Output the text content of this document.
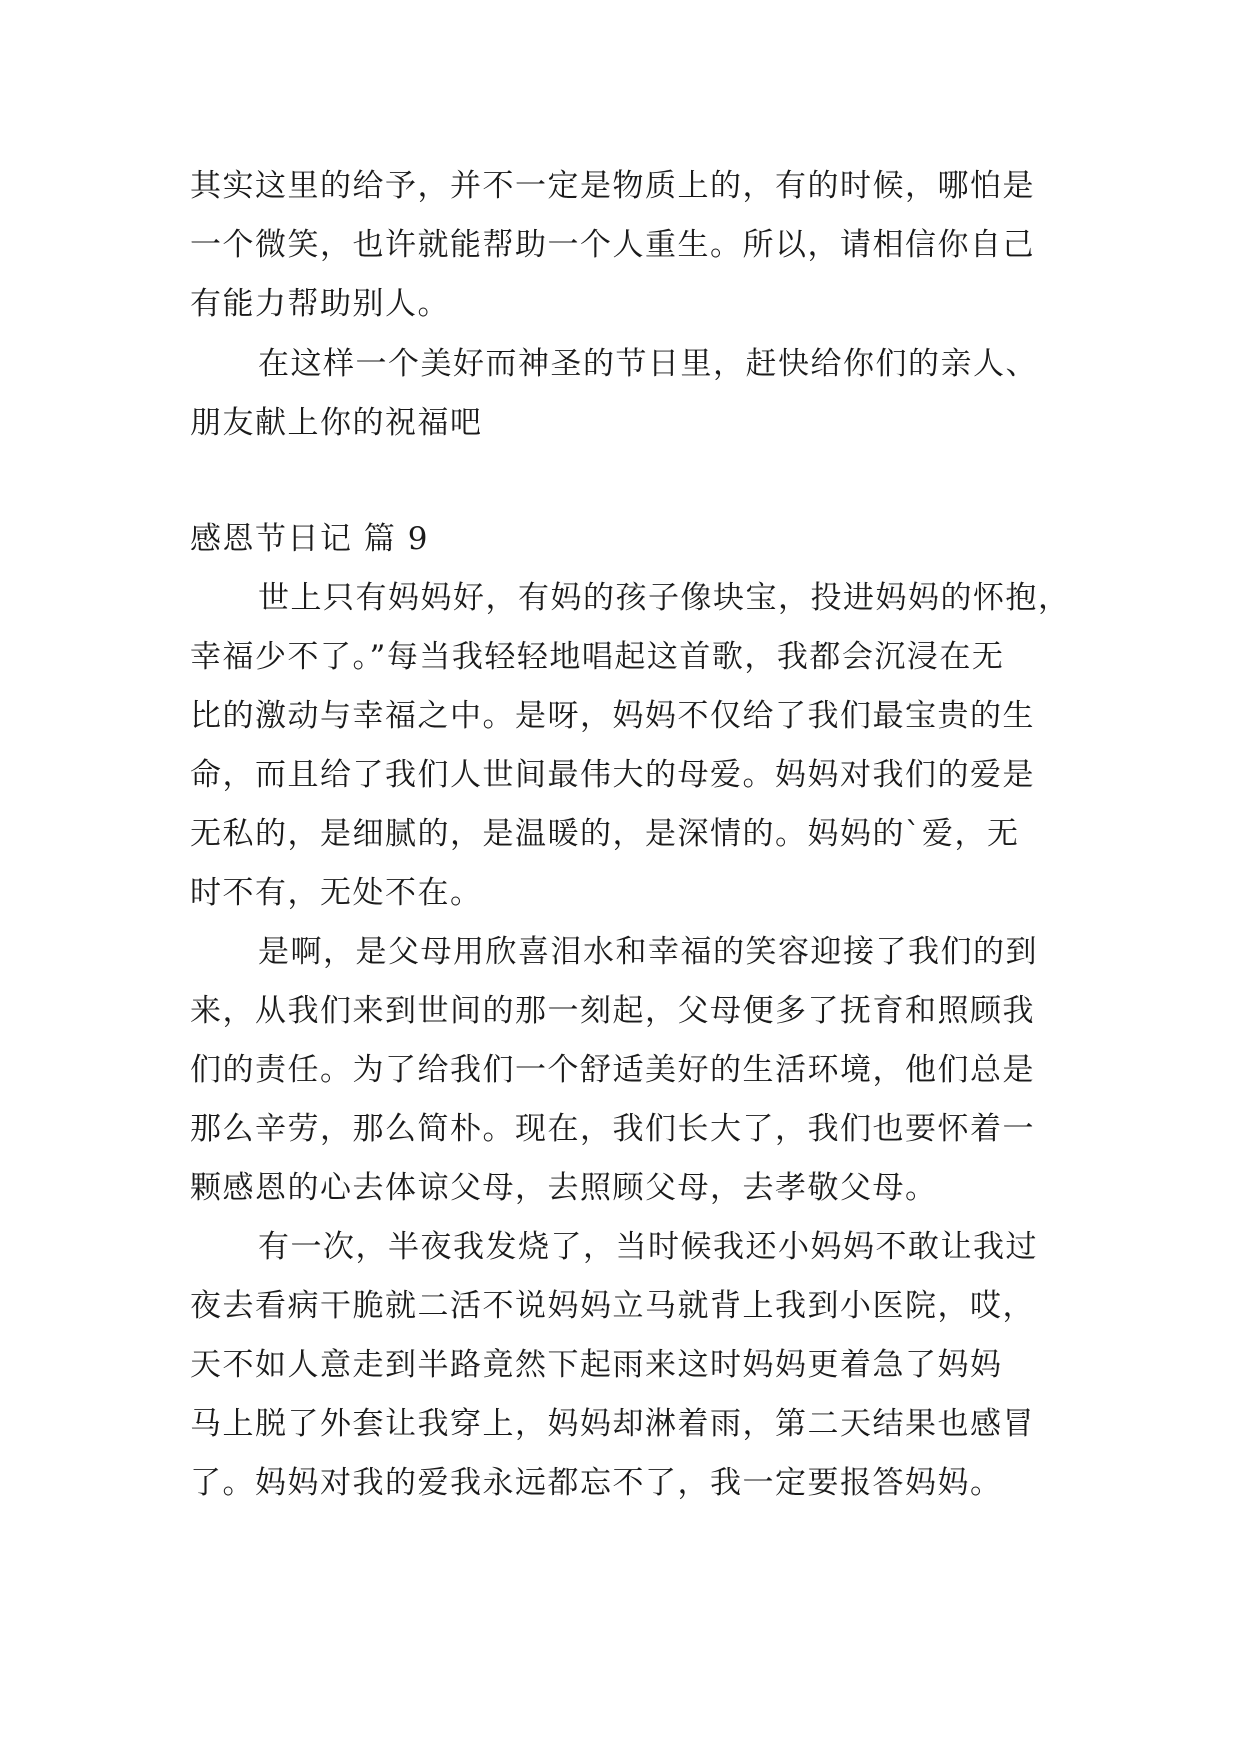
其实这里的给予，并不一定是物质上的，有的时候，哪怕是
一个微笑，也许就能帮助一个人重生。所以，请相信你自己
有能力帮助别人。
在这样一个美好而神圣的节日里，赶快给你们的亲人、
朋友献上你的祝福吧
感恩节日记 篇 9
世上只有妈妈好，有妈的孩子像块宝，投进妈妈的怀抱，
幸福少不了。”每当我轻轻地唱起这首歌，我都会沉浸在无
比的激动与幸福之中。是呀，妈妈不仅给了我们最宝贵的生
命，而且给了我们人世间最伟大的母爱。妈妈对我们的爱是
无私的，是细腻的，是温暖的，是深情的。妈妈的`爱，无
时不有，无处不在。
是啊，是父母用欣喜泪水和幸福的笑容迎接了我们的到
来，从我们来到世间的那一刻起，父母便多了抚育和照顾我
们的责任。为了给我们一个舒适美好的生活环境，他们总是
那么辛劳，那么简朴。现在，我们长大了，我们也要怀着一
颗感恩的心去体谅父母，去照顾父母，去孝敬父母。
有一次，半夜我发烧了，当时候我还小妈妈不敢让我过
夜去看病干脆就二活不说妈妈立马就背上我到小医院，哎，
天不如人意走到半路竟然下起雨来这时妈妈更着急了妈妈
马上脱了外套让我穿上，妈妈却淋着雨，第二天结果也感冒
了。妈妈对我的爱我永远都忘不了，我一定要报答妈妈。
